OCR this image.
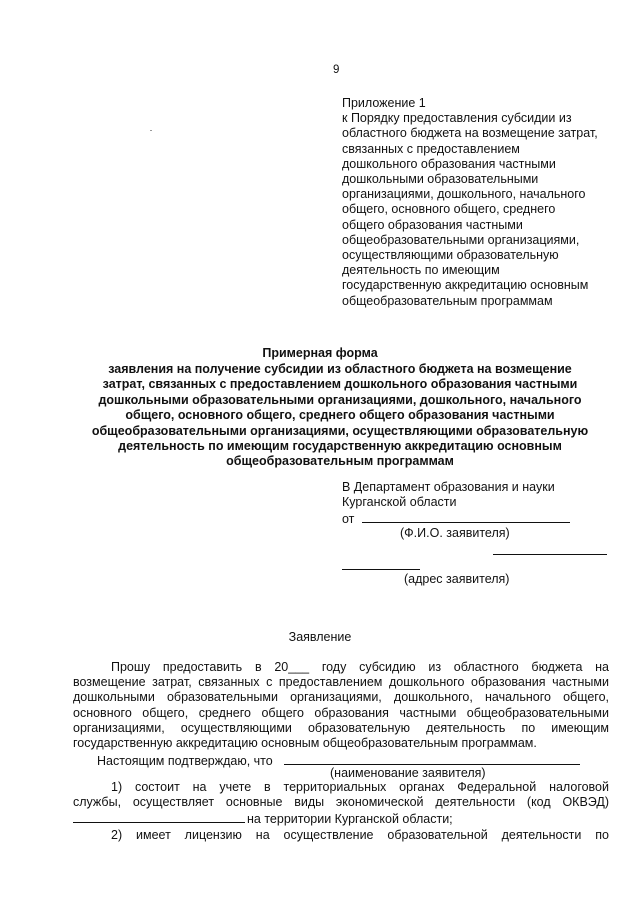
9
Приложение 1
к Порядку предоставления субсидии из
областного бюджета на возмещение затрат,
связанных с предоставлением
дошкольного образования частными
дошкольными образовательными
организациями, дошкольного, начального
общего, основного общего, среднего
общего образования частными
общеобразовательными организациями,
осуществляющими образовательную
деятельность по имеющим
государственную аккредитацию основным
общеобразовательным программам
Примерная форма
заявления на получение субсидии из областного бюджета на возмещение
затрат, связанных с предоставлением дошкольного образования частными
дошкольными образовательными организациями, дошкольного, начального
общего, основного общего, среднего общего образования частными
общеобразовательными организациями, осуществляющими образовательную
деятельность по имеющим государственную аккредитацию основным
общеобразовательным программам
В Департамент образования и науки
Курганской области
от
(Ф.И.О. заявителя)
(адрес заявителя)
Заявление
Прошу предоставить в 20___ году субсидию из областного бюджета на
возмещение затрат, связанных с предоставлением дошкольного образования частными
дошкольными образовательными организациями, дошкольного, начального общего,
основного общего, среднего общего образования частными общеобразовательными
организациями, осуществляющими образовательную деятельность по имеющим
государственную аккредитацию основным общеобразовательным программам.
Настоящим подтверждаю, что
(наименование заявителя)
1) состоит на учете в территориальных органах Федеральной налоговой
службы, осуществляет основные виды экономической деятельности (код ОКВЭД)
на территории Курганской области;
2) имеет лицензию на осуществление образовательной деятельности по
